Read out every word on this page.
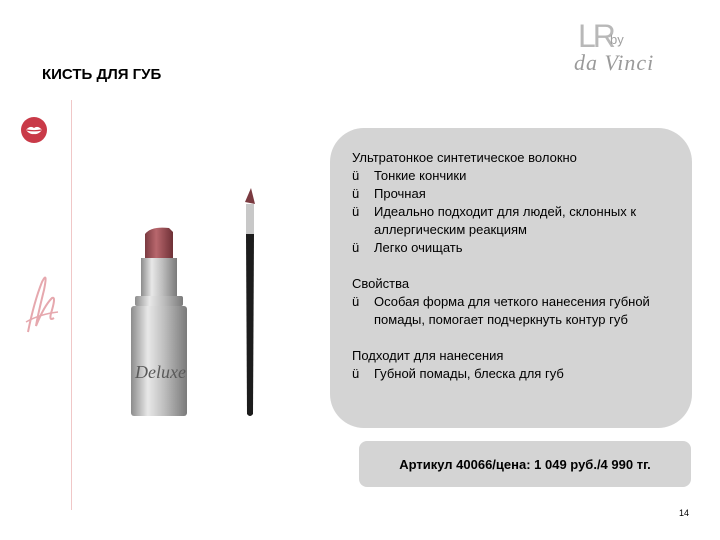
LR
by
da Vinci
КИСТЬ ДЛЯ ГУБ
Deluxe

Ультратонкое синтетическое волокно

ü Тонкие кончики

ü Прочная

ü Идеально подходит для людей, склонных к аллергическим реакциям

ü Легко очищать

Свойства

ü Особая форма для четкого нанесения губной помады, помогает подчеркнуть контур губ

Подходит для нанесения

ü Губной помады, блеска для губ

Артикул 40066/цена: 1 049 руб./4 990 тг.
14
